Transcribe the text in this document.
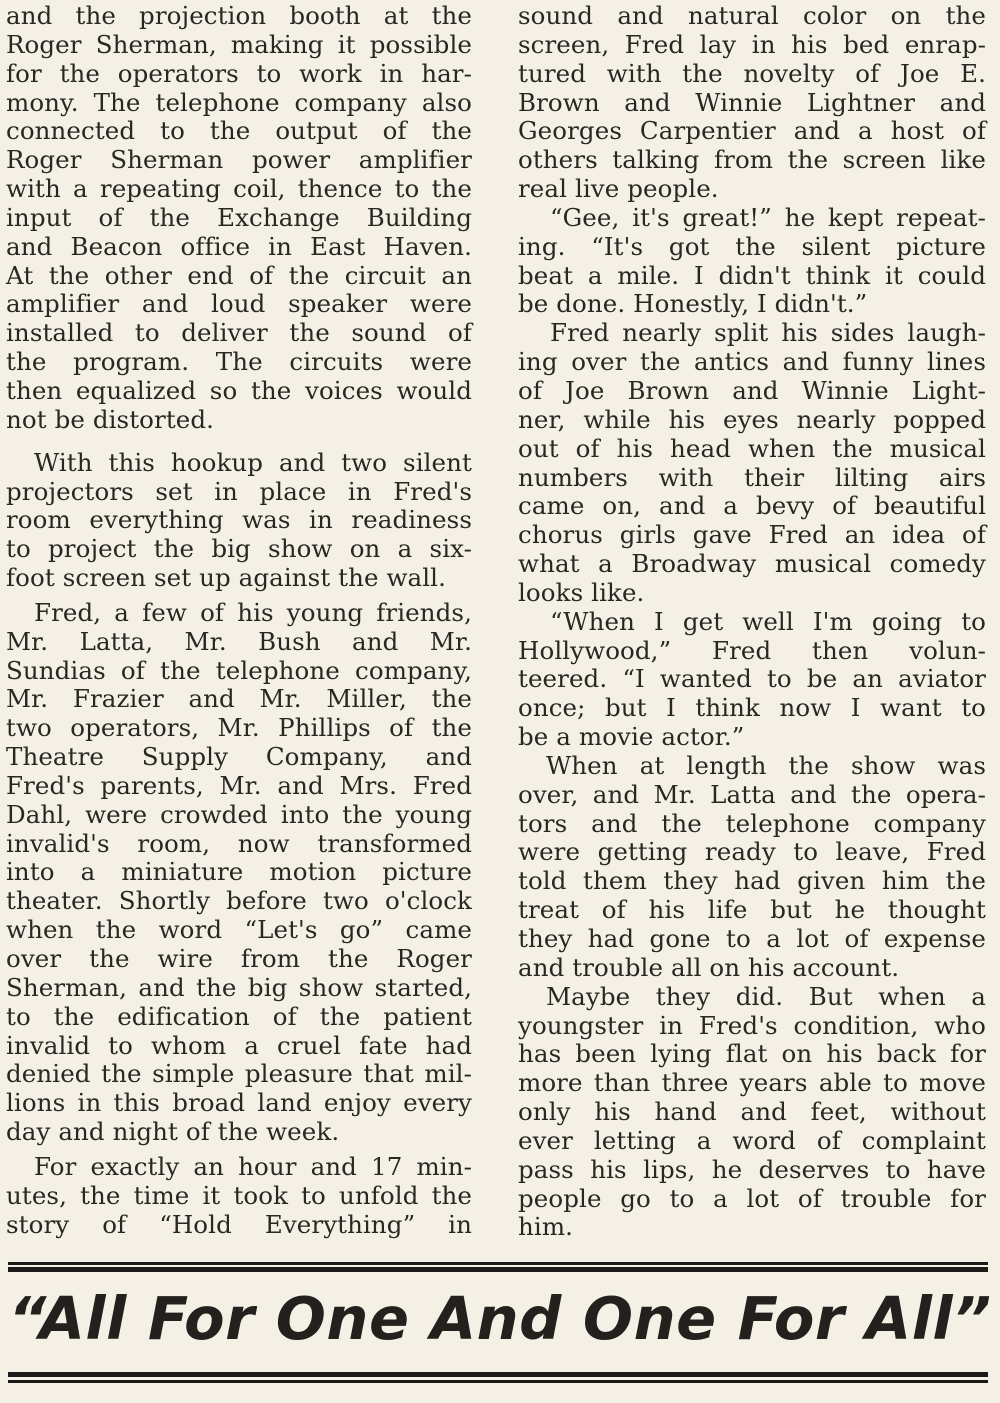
and the projection booth at the
Roger Sherman, making it possible
for the operators to work in har-
mony. The telephone company also
connected to the output of the
Roger Sherman power amplifier
with a repeating coil, thence to the
input of the Exchange Building
and Beacon office in East Haven.
At the other end of the circuit an
amplifier and loud speaker were
installed to deliver the sound of
the program. The circuits were
then equalized so the voices would
not be distorted.
With this hookup and two silent
projectors set in place in Fred's
room everything was in readiness
to project the big show on a six-
foot screen set up against the wall.
Fred, a few of his young friends,
Mr. Latta, Mr. Bush and Mr.
Sundias of the telephone company,
Mr. Frazier and Mr. Miller, the
two operators, Mr. Phillips of the
Theatre Supply Company, and
Fred's parents, Mr. and Mrs. Fred
Dahl, were crowded into the young
invalid's room, now transformed
into a miniature motion picture
theater. Shortly before two o'clock
when the word “Let's go” came
over the wire from the Roger
Sherman, and the big show started,
to the edification of the patient
invalid to whom a cruel fate had
denied the simple pleasure that mil-
lions in this broad land enjoy every
day and night of the week.
For exactly an hour and 17 min-
utes, the time it took to unfold the
story of “Hold Everything” in
sound and natural color on the
screen, Fred lay in his bed enrap-
tured with the novelty of Joe E.
Brown and Winnie Lightner and
Georges Carpentier and a host of
others talking from the screen like
real live people.
“Gee, it's great!” he kept repeat-
ing. “It's got the silent picture
beat a mile. I didn't think it could
be done. Honestly, I didn't.”
Fred nearly split his sides laugh-
ing over the antics and funny lines
of Joe Brown and Winnie Light-
ner, while his eyes nearly popped
out of his head when the musical
numbers with their lilting airs
came on, and a bevy of beautiful
chorus girls gave Fred an idea of
what a Broadway musical comedy
looks like.
“When I get well I'm going to
Hollywood,” Fred then volun-
teered. “I wanted to be an aviator
once; but I think now I want to
be a movie actor.”
When at length the show was
over, and Mr. Latta and the opera-
tors and the telephone company
were getting ready to leave, Fred
told them they had given him the
treat of his life but he thought
they had gone to a lot of expense
and trouble all on his account.
Maybe they did. But when a
youngster in Fred's condition, who
has been lying flat on his back for
more than three years able to move
only his hand and feet, without
ever letting a word of complaint
pass his lips, he deserves to have
people go to a lot of trouble for
him.
“All For One And One For All”
